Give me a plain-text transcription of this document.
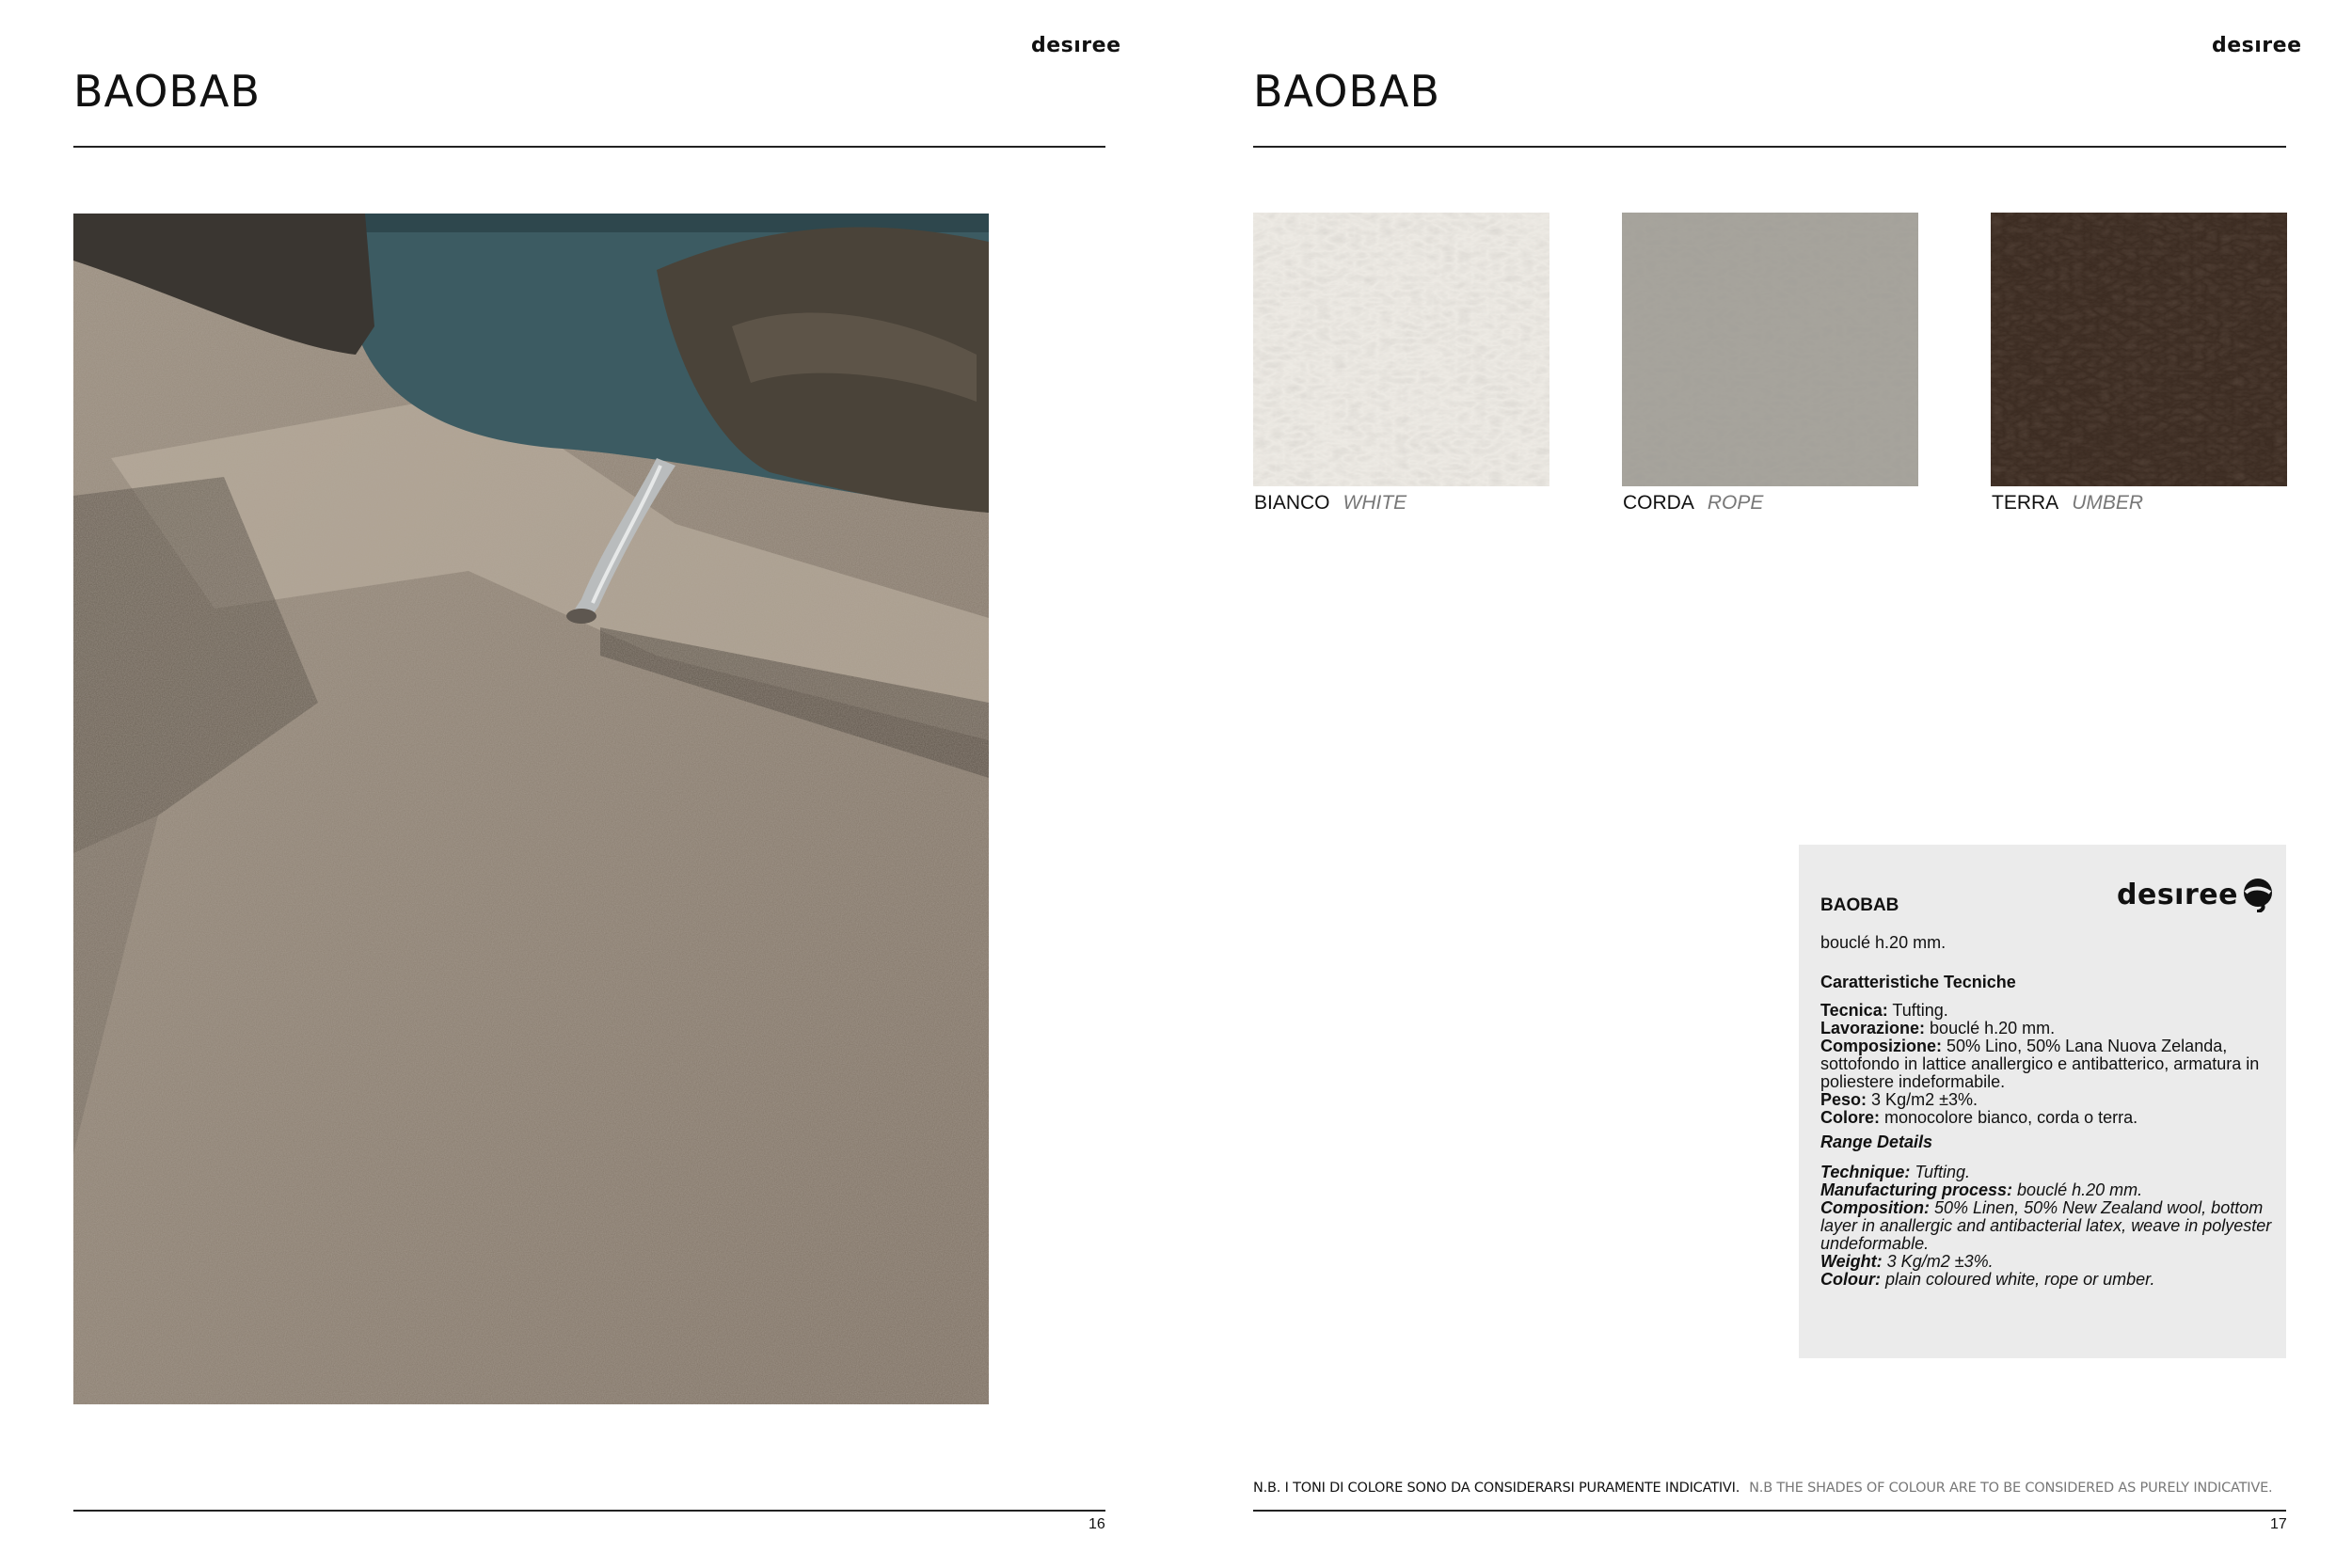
desıree
BAOBAB
16
desıree
BAOBAB
BIANCO WHITE	CORDA ROPE	TERRA UMBER
desıree
BAOBAB
bouclé h.20 mm.

Caratteristiche Tecniche

Tecnica: Tufting.

Lavorazione: bouclé h.20 mm.

Composizione: 50% Lino, 50% Lana Nuova Zelanda, sottofondo in lattice anallergico e antibatterico, armatura in poliestere indeformabile.

Peso: 3 Kg/m2 ±3%.

Colore: monocolore bianco, corda o terra.

Range Details

Technique: Tufting.

Manufacturing process: bouclé h.20 mm.

Composition: 50% Linen, 50% New Zealand wool, bottom layer in anallergic and antibacterial latex, weave in polyester undeformable.

Weight: 3 Kg/m2 ±3%.

Colour: plain coloured white, rope or umber.

N.B. I TONI DI COLORE SONO DA CONSIDERARSI PURAMENTE INDICATIVI. N.B THE SHADES OF COLOUR ARE TO BE CONSIDERED AS PURELY INDICATIVE.
17
